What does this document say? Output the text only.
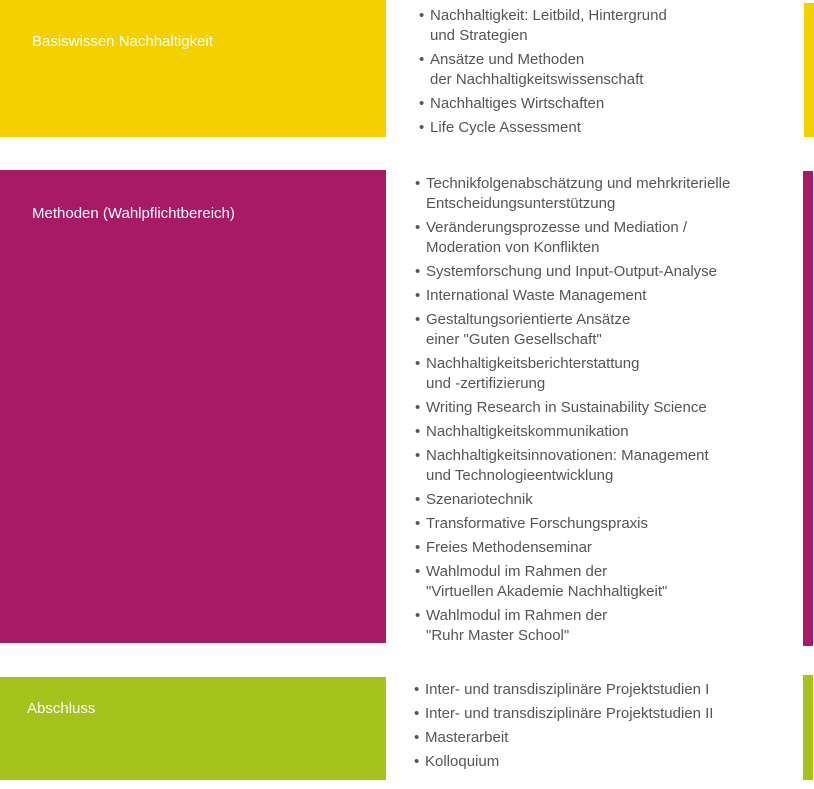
Basiswissen Nachhaltigkeit
• Nachhaltigkeit: Leitbild, Hintergrund
und Strategien
• Ansätze und Methoden
der Nachhaltigkeitswissenschaft
• Nachhaltiges Wirtschaften
• Life Cycle Assessment
Methoden (Wahlpflichtbereich)
• Technikfolgenabschätzung und mehrkriterielle
Entscheidungsunterstützung
• Veränderungsprozesse und Mediation /
Moderation von Konflikten
• Systemforschung und Input-Output-Analyse
• International Waste Management
• Gestaltungsorientierte Ansätze
einer "Guten Gesellschaft"
• Nachhaltigkeitsberichterstattung
und -zertifizierung
• Writing Research in Sustainability Science
• Nachhaltigkeitskommunikation
• Nachhaltigkeitsinnovationen: Management
und Technologieentwicklung
• Szenariotechnik
• Transformative Forschungspraxis
• Freies Methodenseminar
• Wahlmodul im Rahmen der
"Virtuellen Akademie Nachhaltigkeit"
• Wahlmodul im Rahmen der
"Ruhr Master School"
Abschluss
• Inter- und transdisziplinäre Projektstudien I
• Inter- und transdisziplinäre Projektstudien II
• Masterarbeit
• Kolloquium
